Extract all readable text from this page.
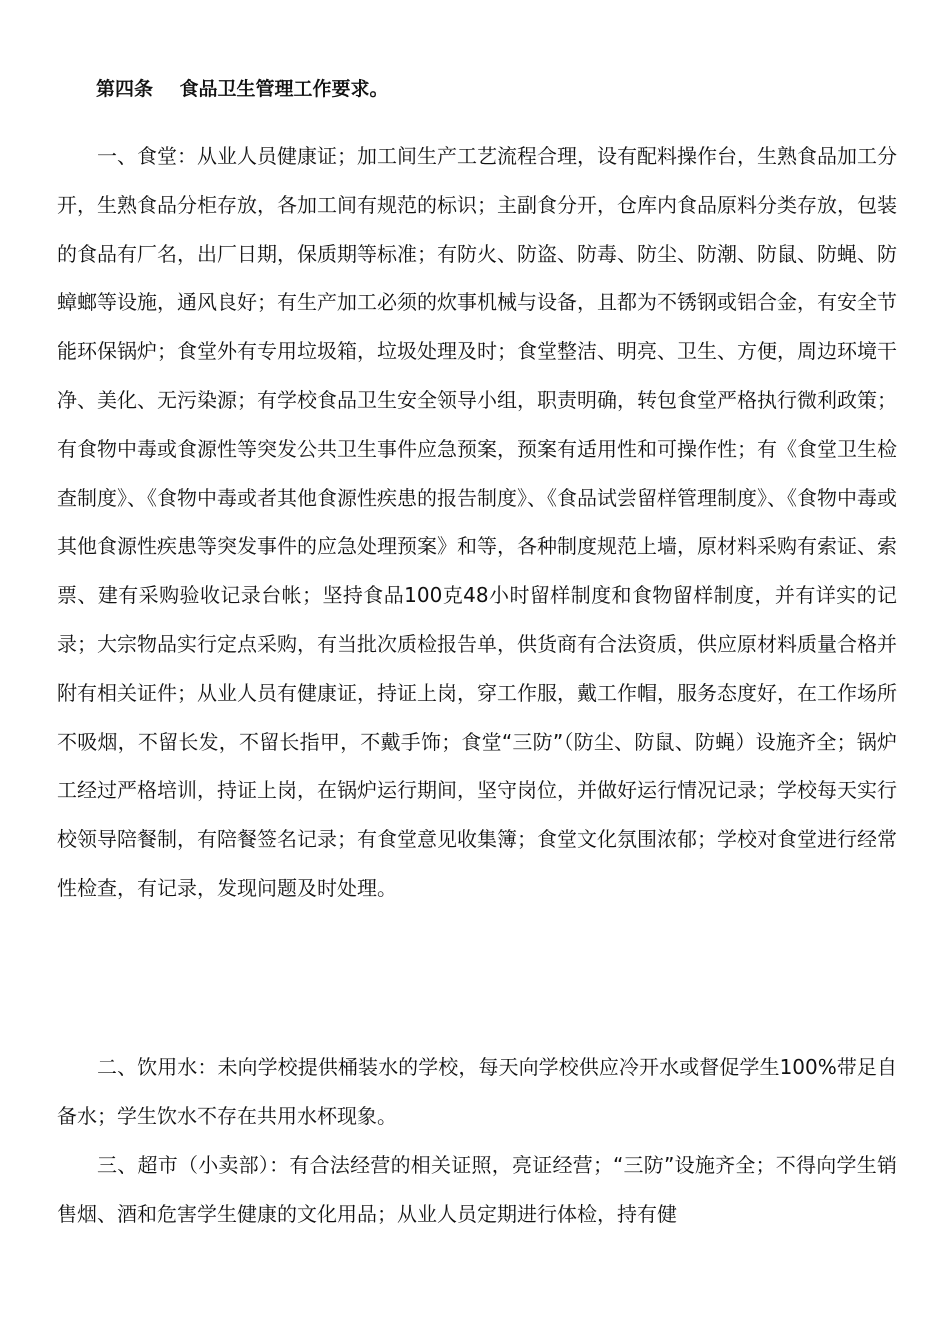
第四条    食品卫生管理工作要求。

一、食堂：从业人员健康证；加工间生产工艺流程合理，设有配料操作台，生熟食品加工分开，生熟食品分柜存放，各加工间有规范的标识；主副食分开，仓库内食品原料分类存放，包装的食品有厂名，出厂日期，保质期等标准；有防火、防盗、防毒、防尘、防潮、防鼠、防蝇、防蟑螂等设施，通风良好；有生产加工必须的炊事机械与设备，且都为不锈钢或铝合金，有安全节能环保锅炉；食堂外有专用垃圾箱，垃圾处理及时；食堂整洁、明亮、卫生、方便，周边环境干净、美化、无污染源；有学校食品卫生安全领导小组，职责明确，转包食堂严格执行微利政策；有食物中毒或食源性等突发公共卫生事件应急预案，预案有适用性和可操作性；有《食堂卫生检查制度》、《食物中毒或者其他食源性疾患的报告制度》、《食品试尝留样管理制度》、《食物中毒或其他食源性疾患等突发事件的应急处理预案》和等，各种制度规范上墙，原材料采购有索证、索票、建有采购验收记录台帐；坚持食品100克48小时留样制度和食物留样制度，并有详实的记录；大宗物品实行定点采购，有当批次质检报告单，供货商有合法资质，供应原材料质量合格并附有相关证件；从业人员有健康证，持证上岗，穿工作服，戴工作帽，服务态度好，在工作场所不吸烟，不留长发，不留长指甲，不戴手饰；食堂“三防”（防尘、防鼠、防蝇）设施齐全；锅炉工经过严格培训，持证上岗，在锅炉运行期间，坚守岗位，并做好运行情况记录；学校每天实行校领导陪餐制，有陪餐签名记录；有食堂意见收集簿；食堂文化氛围浓郁；学校对食堂进行经常性检查，有记录，发现问题及时处理。

二、饮用水：未向学校提供桶装水的学校，每天向学校供应冷开水或督促学生100%带足自备水；学生饮水不存在共用水杯现象。

三、超市（小卖部）：有合法经营的相关证照，亮证经营；“三防”设施齐全；不得向学生销售烟、酒和危害学生健康的文化用品；从业人员定期进行体检，持有健
